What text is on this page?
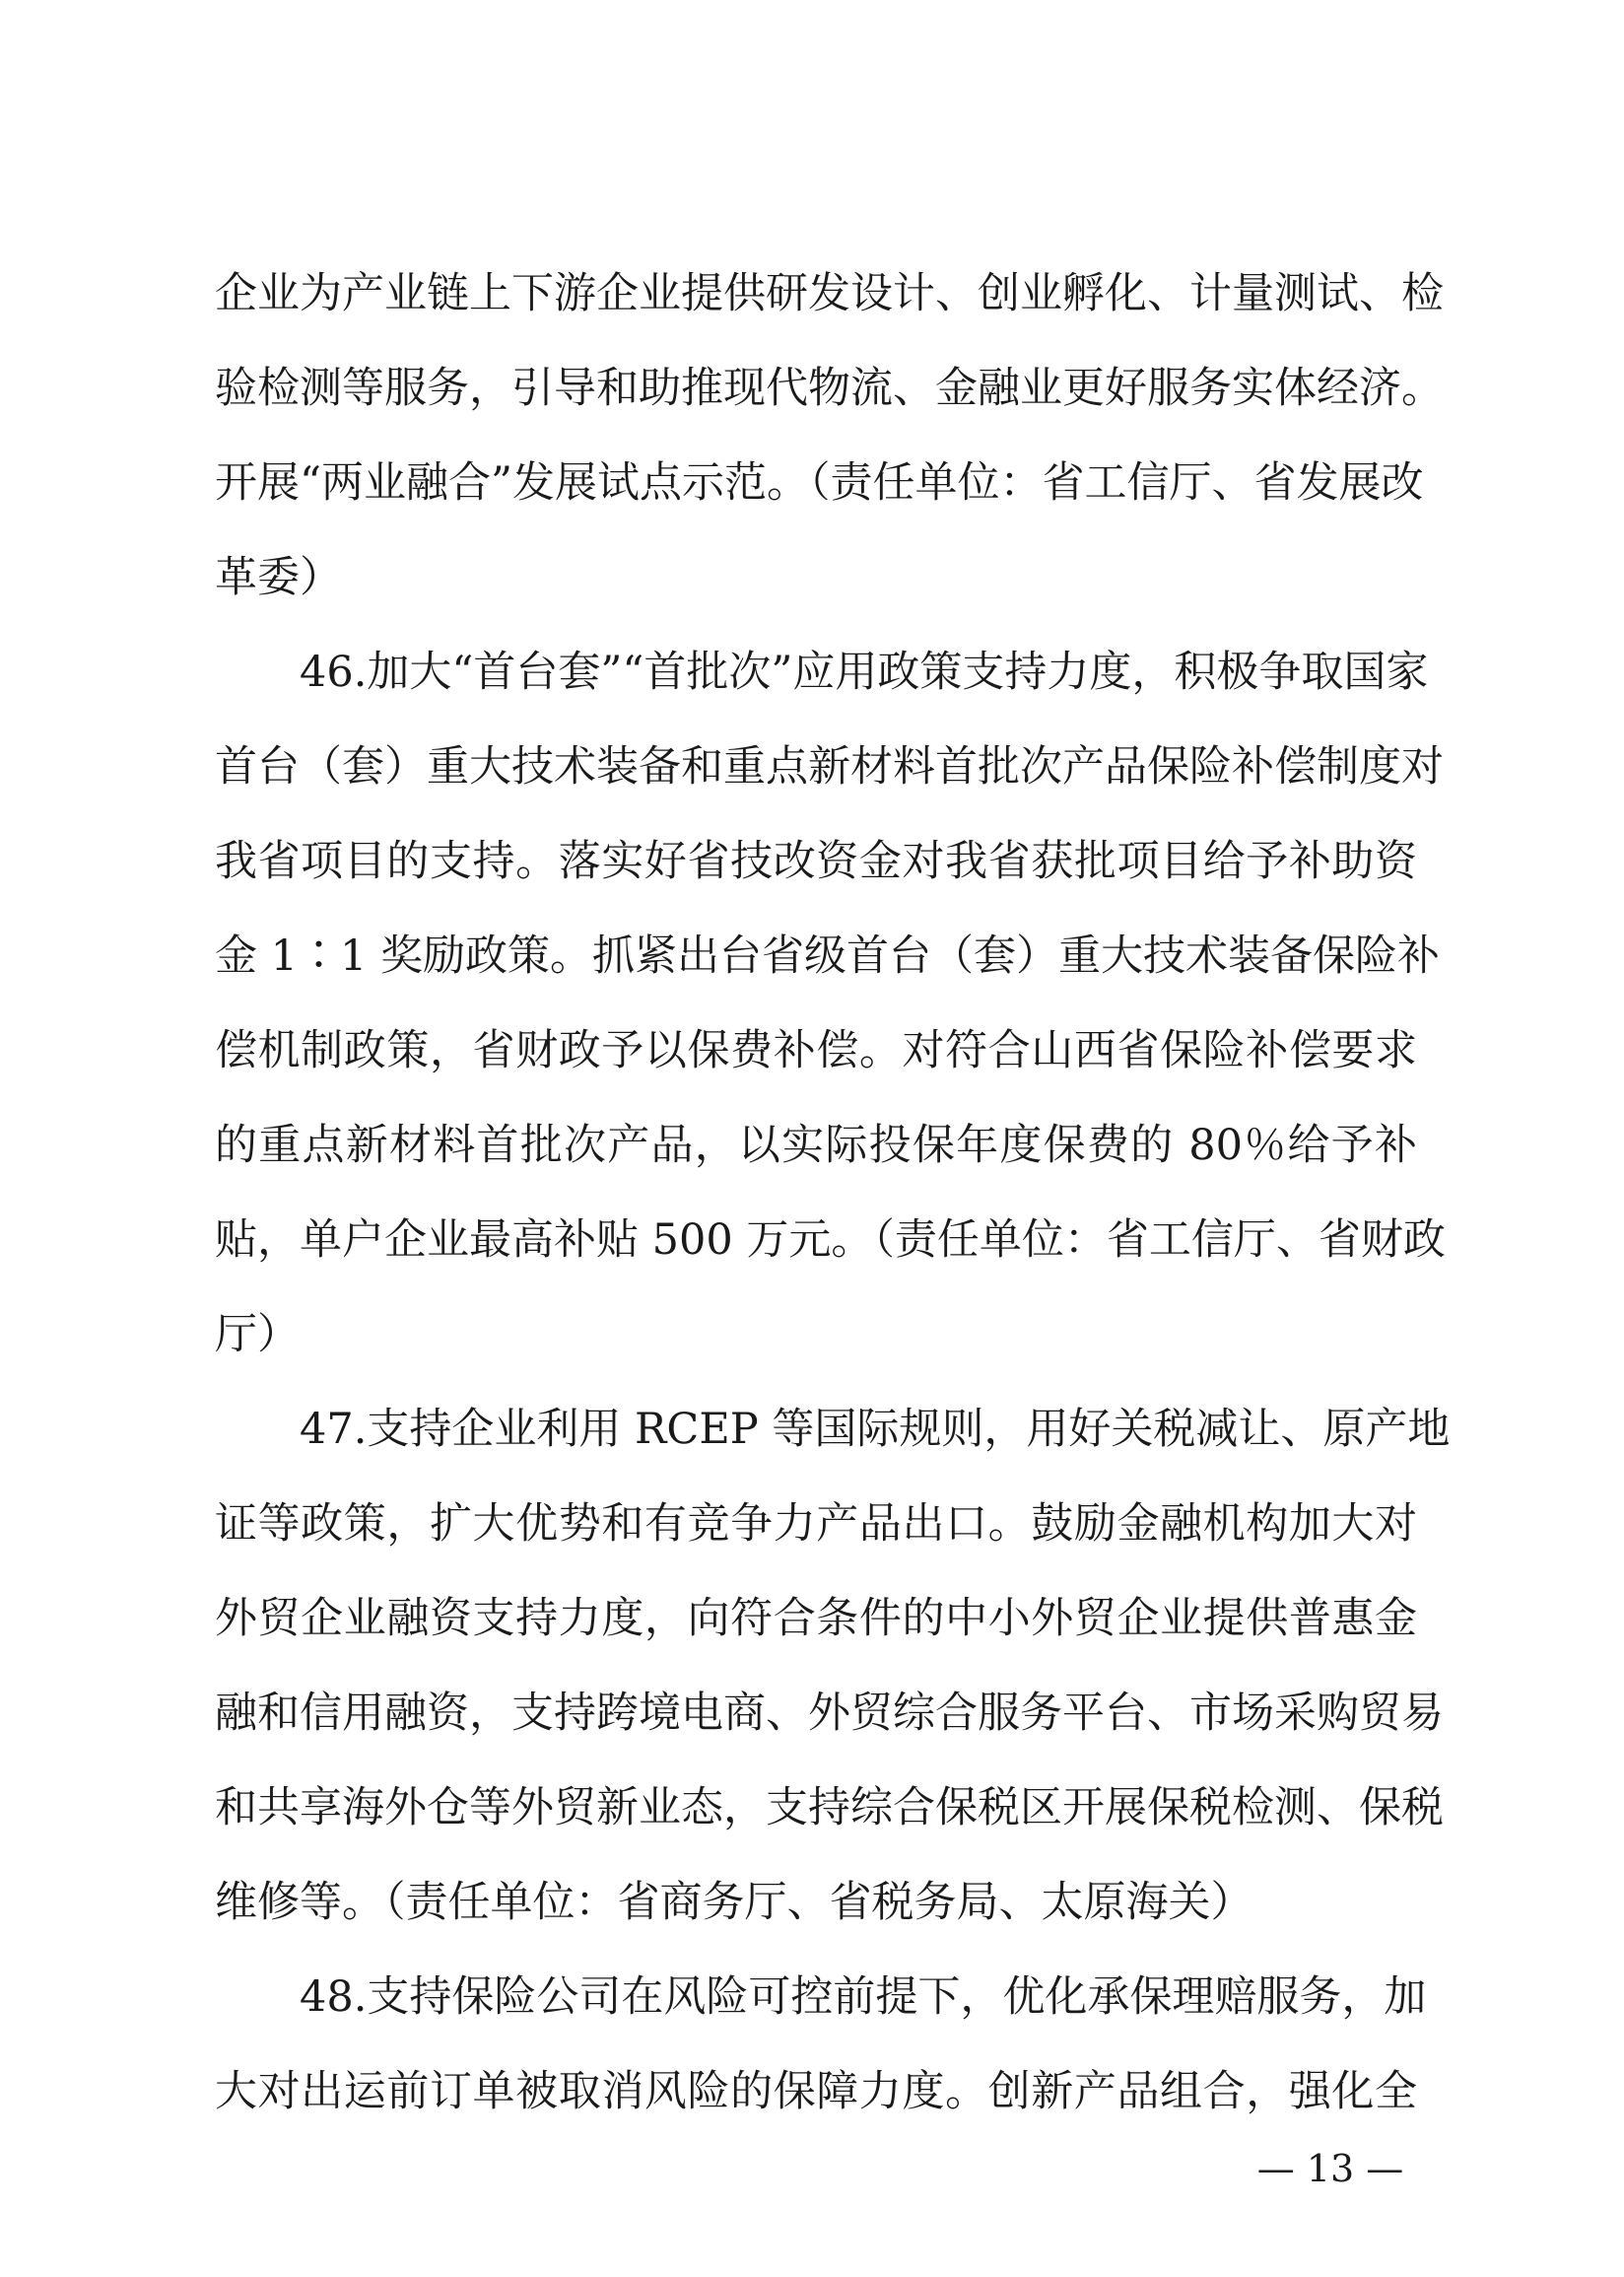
企业为产业链上下游企业提供研发设计、创业孵化、计量测试、检
验检测等服务，引导和助推现代物流、金融业更好服务实体经济。
开展“两业融合”发展试点示范。（责任单位：省工信厅、省发展改
革委）
　　46.加大“首台套”“首批次”应用政策支持力度，积极争取国家
首台（套）重大技术装备和重点新材料首批次产品保险补偿制度对
我省项目的支持。落实好省技改资金对我省获批项目给予补助资
金 1∶1 奖励政策。抓紧出台省级首台（套）重大技术装备保险补
偿机制政策，省财政予以保费补偿。对符合山西省保险补偿要求
的重点新材料首批次产品，以实际投保年度保费的 80％给予补
贴，单户企业最高补贴 500 万元。（责任单位：省工信厅、省财政
厅）
　　47.支持企业利用 RCEP 等国际规则，用好关税减让、原产地
证等政策，扩大优势和有竞争力产品出口。鼓励金融机构加大对
外贸企业融资支持力度，向符合条件的中小外贸企业提供普惠金
融和信用融资，支持跨境电商、外贸综合服务平台、市场采购贸易
和共享海外仓等外贸新业态，支持综合保税区开展保税检测、保税
维修等。（责任单位：省商务厅、省税务局、太原海关）
　　48.支持保险公司在风险可控前提下，优化承保理赔服务，加
大对出运前订单被取消风险的保障力度。创新产品组合，强化全
— 13 —
